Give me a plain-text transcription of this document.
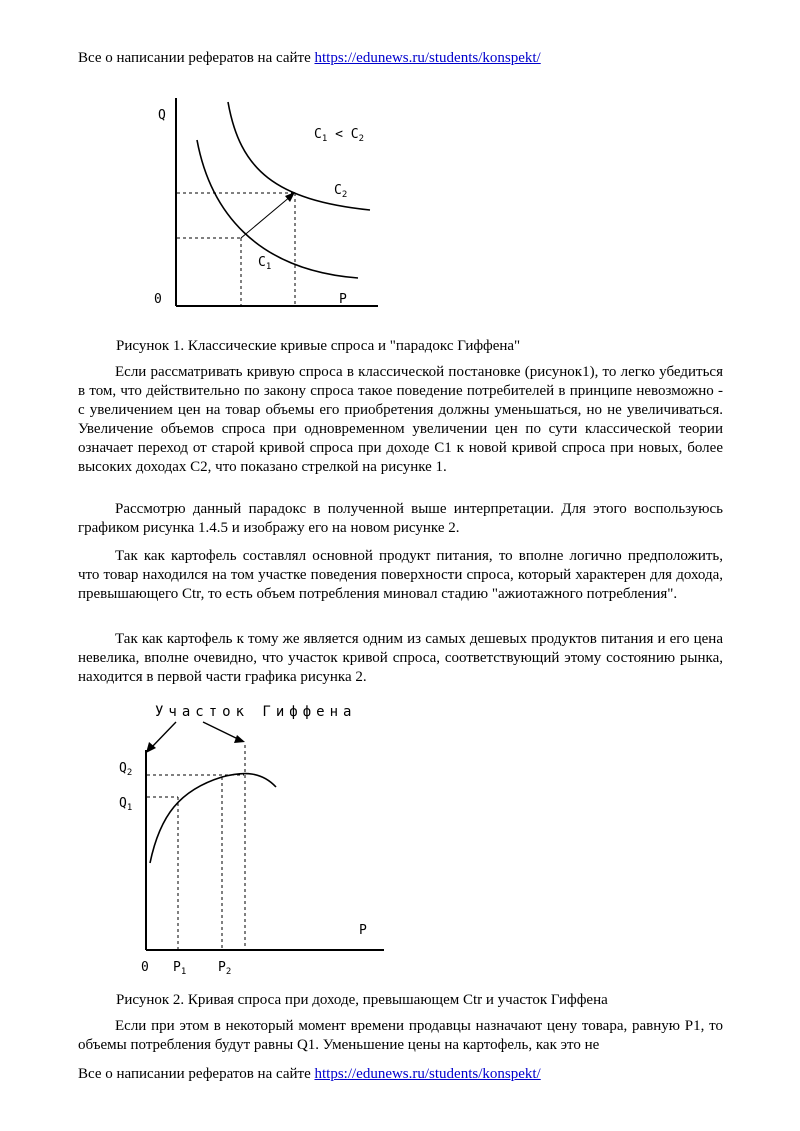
Все о написании рефератов на сайте https://edunews.ru/students/konspekt/
Q
0	P
$C_1 < C_2$
$C_2$
$C_1$
Рисунок 1. Классические кривые спроса и "парадокс Гиффена"

Если рассматривать кривую спроса в классической постановке (рисунок1), то легко убедиться в том, что действительно по закону спроса такое поведение потребителей в принципе невозможно - с увеличением цен на товар объемы его приобретения должны уменьшаться, но не увеличиваться. Увеличение объемов спроса при одновременном увеличении цен по сути классической теории означает переход от старой кривой спроса при доходе С1 к новой кривой спроса при новых, более высоких доходах С2, что показано стрелкой на рисунке 1.

Рассмотрю данный парадокс в полученной выше интерпретации. Для этого воспользуюсь графиком рисунка 1.4.5 и изображу его на новом рисунке 2.

Так как картофель составлял основной продукт питания, то вполне логично предположить, что товар находился на том участке поведения поверхности спроса, который характерен для дохода, превышающего Ctr, то есть объем потребления миновал стадию "ажиотажного потребления".

Так как картофель к тому же является одним из самых дешевых продуктов питания и его цена невелика, вполне очевидно, что участок кривой спроса, соответствующий этому состоянию рынка, находится в первой части графика рисунка 2.

Участок Гиффена
$Q_2$
$Q_1$
P
0 $P_1$ $P_2$
Рисунок 2. Кривая спроса при доходе, превышающем Ctr и участок Гиффена

Если при этом в некоторый момент времени продавцы назначают цену товара, равную Р1, то объемы потребления будут равны Q1. Уменьшение цены на картофель, как это не

Все о написании рефератов на сайте https://edunews.ru/students/konspekt/
